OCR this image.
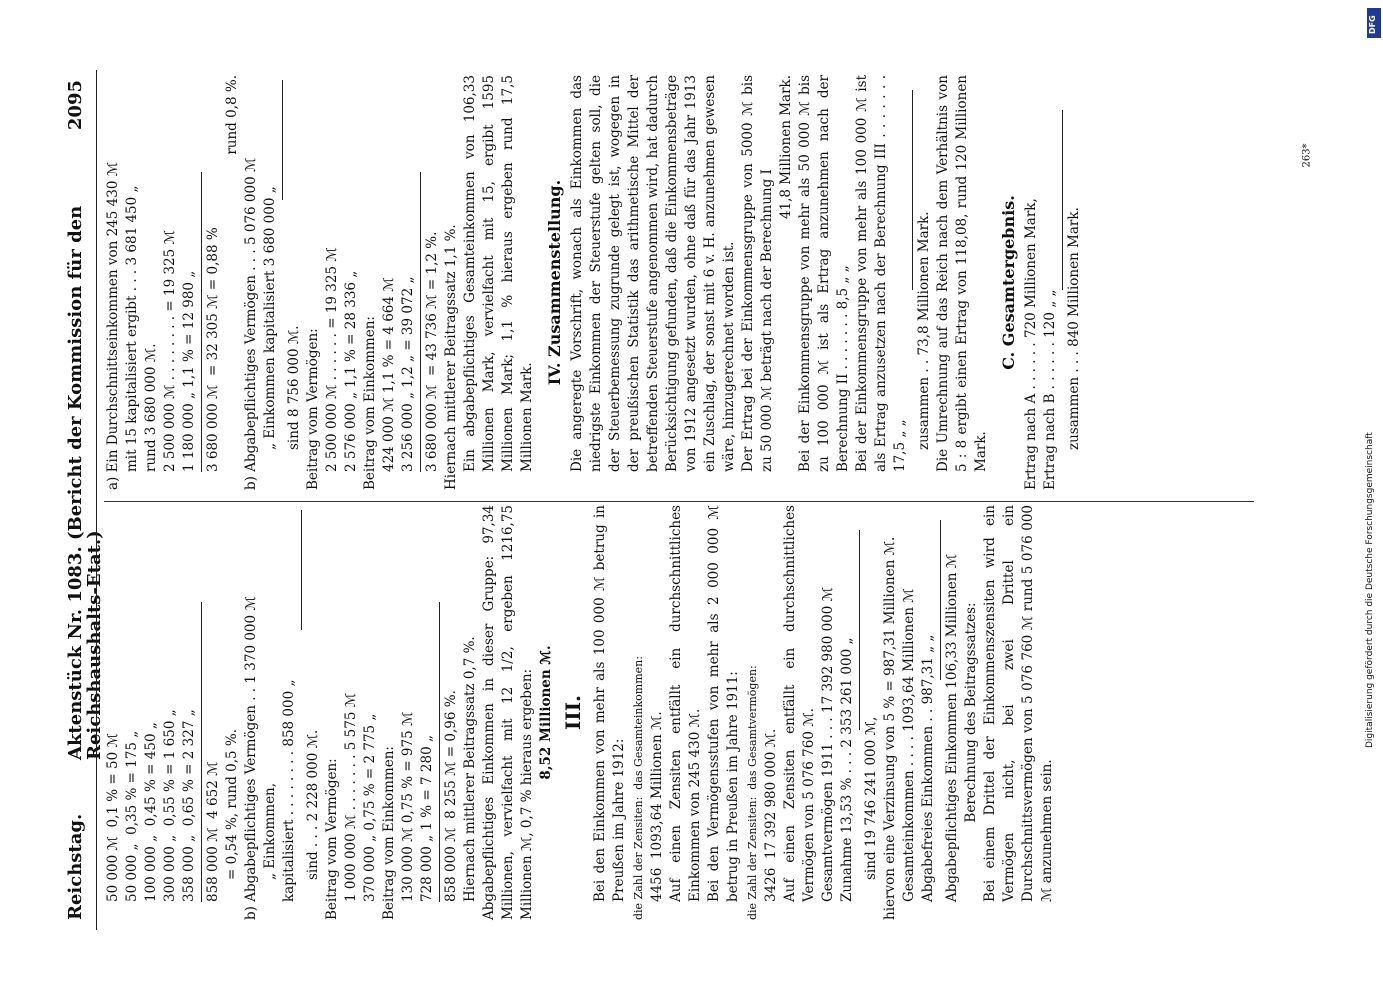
Reichstag.
Aktenstück Nr. 1083. (Bericht der Kommission für den Reichshaushalts-Etat.)
2095
50 000 ℳ  0,1 % = 50 ℳ 50 000 „  0,35 % = 175 „ 100 000 „  0,45 % = 450 „ 300 000 „  0,55 % = 1 650 „ 358 000 „  0,65 % = 2 327 „ 858 000 ℳ  4 652 ℳ = 0,54 %, rund 0,5 %. b) Abgabepflichtiges Vermögen . . 1 370 000 ℳ „ Einkommen, kapitalisiert . . . . . . . . 858 000 „ sind . . . 2 228 000 ℳ. Beitrag vom Vermögen: 1 000 000 ℳ . . . . . . . 5 575 ℳ 370 000 „ 0,75 % = 2 775 „ Beitrag vom Einkommen: 130 000 ℳ 0,75 % = 975 ℳ 728 000 „ 1 % = 7 280 „ 858 000 ℳ  8 255 ℳ = 0,96 %. Hiernach mittlerer Beitragssatz 0,7 %. Abgabepflichtiges Einkommen in dieser Gruppe: 97,34 Millionen, vervielfacht mit 12 1/2, ergeben 1216,75 Millionen ℳ, 0,7 % hieraus ergeben: 8,52 Millionen ℳ. III. Bei den Einkommen von mehr als 100 000 ℳ betrug in Preußen im Jahre 1912: die Zahl der Zensiten:  das Gesamteinkommen: 4456  1093,64 Millionen ℳ. Auf einen Zensiten entfällt ein durchschnittliches Einkommen von 245 430 ℳ. Bei den Vermögensstufen von mehr als 2 000 000 ℳ betrug in Preußen im Jahre 1911: die Zahl der Zensiten:  das Gesamtvermögen: 3426  17 392 980 000 ℳ. Auf einen Zensiten entfällt ein durchschnittliches Vermögen von 5 076 760 ℳ. Gesamtvermögen 1911 . . . 17 392 980 000 ℳ Zunahme 13,53 % . . . 2 353 261 000 „ sind 19 746 241 000 ℳ, hiervon eine Verzinsung von 5 % = 987,31 Millionen ℳ. Gesamteinkommen . . . . 1093,64 Millionen ℳ Abgabefreies Einkommen . . 987,31 „ „ Abgabepflichtiges Einkommen 106,33 Millionen ℳ Berechnung des Beitragssatzes: Bei einem Drittel der Einkommenszensiten wird ein Vermögen nicht, bei zwei Drittel ein Durchschnittsvermögen von 5 076 760 ℳ rund 5 076 000 ℳ anzunehmen sein.
a) Ein Durchschnittseinkommen von 245 430 ℳ mit 15 kapitalisiert ergibt . . . 3 681 450 „ rund 3 680 000 ℳ. 2 500 000 ℳ . . . . . . . . = 19 325 ℳ 1 180 000 „ 1,1 % = 12 980 „ 3 680 000 ℳ  = 32 305 ℳ = 0,88 %
rund 0,8 %.
b) Abgabepflichtiges Vermögen . . . 5 076 000 ℳ „ Einkommen kapitalisiert 3 680 000 „ sind 8 756 000 ℳ. Beitrag vom Vermögen: 2 500 000 ℳ . . . . . . = 19 325 ℳ 2 576 000 „ 1,1 % = 28 336 „ Beitrag vom Einkommen: 424 000 ℳ 1,1 % = 4 664 ℳ 3 256 000 „ 1,2 „ = 39 072 „ 3 680 000 ℳ  = 43 736 ℳ = 1,2 %. Hiernach mittlerer Beitragssatz 1,1 %. Ein abgabepflichtiges Gesamteinkommen von 106,33 Millionen Mark, vervielfacht mit 15, ergibt 1595 Millionen Mark; 1,1 % hieraus ergeben rund 17,5 Millionen Mark.
IV. Zusammenstellung. Die angeregte Vorschrift, wonach als Einkommen das niedrigste Einkommen der Steuerstufe gelten soll, die der Steuerbemessung zugrunde gelegt ist, wogegen in der preußischen Statistik das arithmetische Mittel der betreffenden Steuerstufe angenommen wird, hat dadurch Berücksichtigung gefunden, daß die Einkommensbeträge von 1912 angesetzt wurden, ohne daß für das Jahr 1913 ein Zuschlag, der sonst mit 6 v. H. anzunehmen gewesen wäre, hinzugerechnet worden ist. Der Ertrag bei der Einkommensgruppe von 5000 ℳ bis zu 50 000 ℳ beträgt nach der Berechnung I
41,8 Millionen Mark. Bei der Einkommensgruppe von mehr als 50 000 ℳ bis zu 100 000 ℳ ist als Ertrag anzunehmen nach der Berechnung II . . . . . . . 8,5 „ „ Bei der Einkommensgruppe von mehr als 100 000 ℳ ist als Ertrag anzusetzen nach der Berechnung III . . . . . . . 17,5 „ „ zusammen . . 73,8 Millionen Mark. Die Umrechnung auf das Reich nach dem Verhältnis von 5 : 8 ergibt einen Ertrag von 118,08, rund 120 Millionen Mark.
C. Gesamtergebnis. Ertrag nach A . . . . . . 720 Millionen Mark, Ertrag nach B . . . . . . 120 „ „ zusammen . . . 840 Millionen Mark.
263*
Digitalisierung gefördert durch die Deutsche Forschungsgemeinschaft
DFG
